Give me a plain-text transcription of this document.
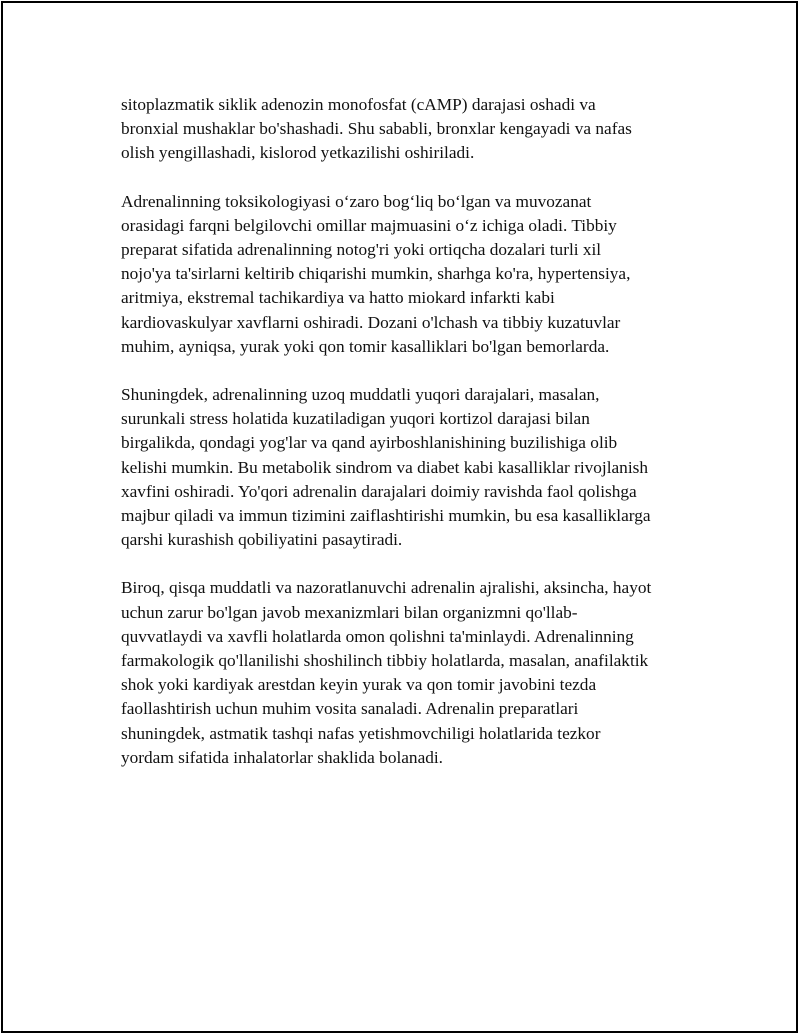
sitoplazmatik siklik adenozin monofosfat (cAMP) darajasi oshadi va
bronxial mushaklar bo'shashadi. Shu sababli, bronxlar kengayadi va nafas
olish yengillashadi, kislorod yetkazilishi oshiriladi.

Adrenalinning toksikologiyasi o‘zaro bog‘liq bo‘lgan va muvozanat
orasidagi farqni belgilovchi omillar majmuasini o‘z ichiga oladi. Tibbiy
preparat sifatida adrenalinning notog'ri yoki ortiqcha dozalari turli xil
nojo'ya ta'sirlarni keltirib chiqarishi mumkin, sharhga ko'ra, hypertensiya,
aritmiya, ekstremal tachikardiya va hatto miokard infarkti kabi
kardiovaskulyar xavflarni oshiradi. Dozani o'lchash va tibbiy kuzatuvlar
muhim, ayniqsa, yurak yoki qon tomir kasalliklari bo'lgan bemorlarda.

Shuningdek, adrenalinning uzoq muddatli yuqori darajalari, masalan,
surunkali stress holatida kuzatiladigan yuqori kortizol darajasi bilan
birgalikda, qondagi yog'lar va qand ayirboshlanishining buzilishiga olib
kelishi mumkin. Bu metabolik sindrom va diabet kabi kasalliklar rivojlanish
xavfini oshiradi. Yo'qori adrenalin darajalari doimiy ravishda faol qolishga
majbur qiladi va immun tizimini zaiflashtirishi mumkin, bu esa kasalliklarga
qarshi kurashish qobiliyatini pasaytiradi.

Biroq, qisqa muddatli va nazoratlanuvchi adrenalin ajralishi, aksincha, hayot
uchun zarur bo'lgan javob mexanizmlari bilan organizmni qo'llab-
quvvatlaydi va xavfli holatlarda omon qolishni ta'minlaydi. Adrenalinning
farmakologik qo'llanilishi shoshilinch tibbiy holatlarda, masalan, anafilaktik
shok yoki kardiyak arestdan keyin yurak va qon tomir javobini tezda
faollashtirish uchun muhim vosita sanaladi. Adrenalin preparatlari
shuningdek, astmatik tashqi nafas yetishmovchiligi holatlarida tezkor
yordam sifatida inhalatorlar shaklida bolanadi.
